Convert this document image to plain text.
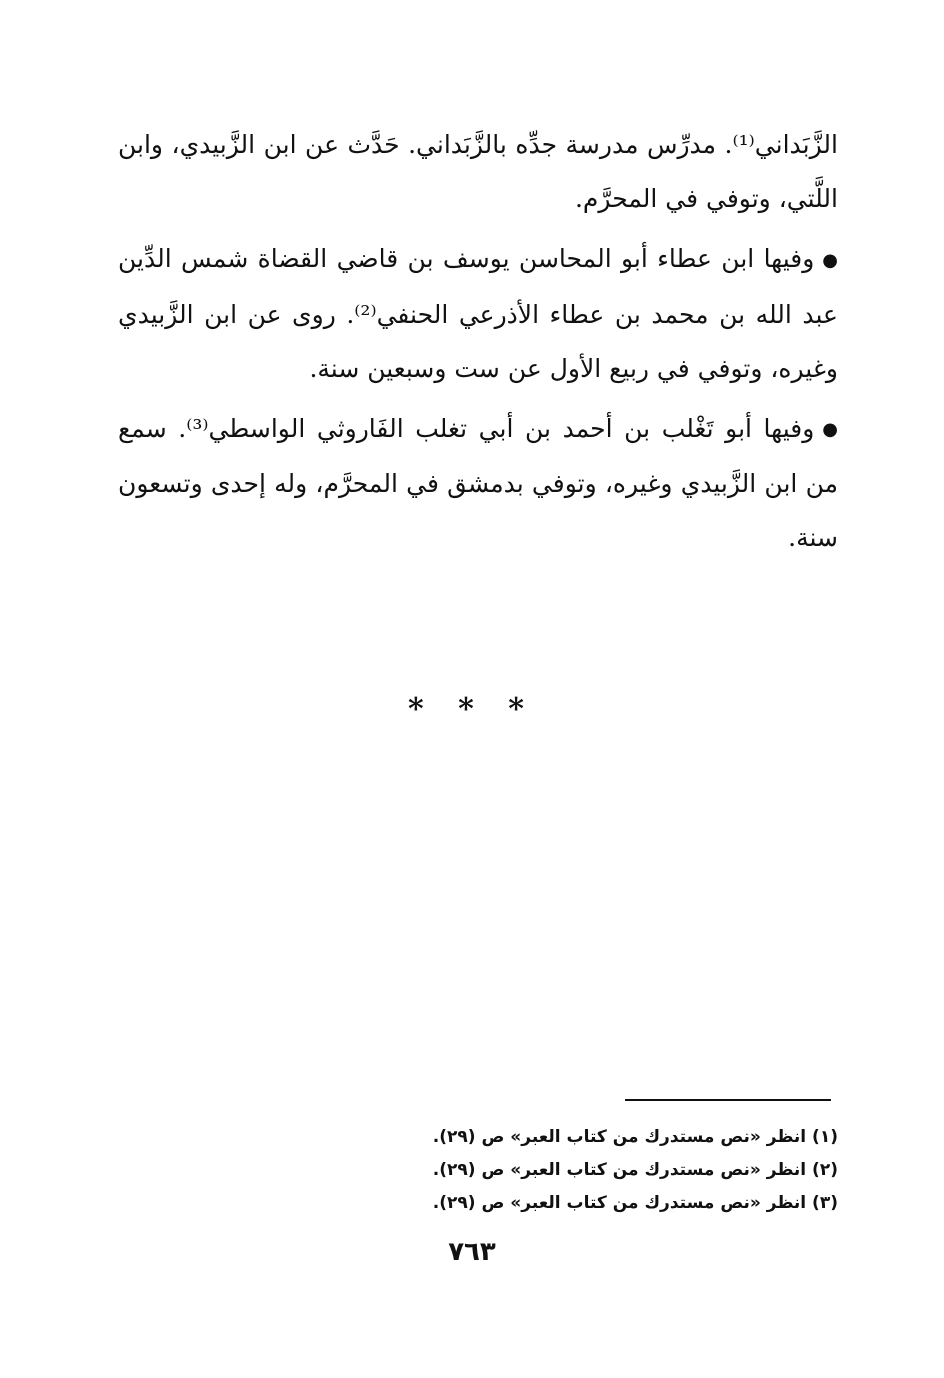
الزَّبَداني⁽¹⁾. مدرِّس مدرسة جدِّه بالزَّبَداني. حَدَّث عن ابن الزَّبيدي، وابن اللَّتي، وتوفي في المحرَّم.

●وفيها ابن عطاء أبو المحاسن يوسف بن قاضي القضاة شمس الدِّين عبد الله بن محمد بن عطاء الأذرعي الحنفي⁽²⁾. روى عن ابن الزَّبيدي وغيره، وتوفي في ربيع الأول عن ست وسبعين سنة.

●وفيها أبو تَغْلب بن أحمد بن أبي تغلب الفَاروثي الواسطي⁽³⁾. سمع من ابن الزَّبيدي وغيره، وتوفي بدمشق في المحرَّم، وله إحدى وتسعون سنة.

* * *
(١) انظر «نص مستدرك من كتاب العبر» ص (٢٩).
(٢) انظر «نص مستدرك من كتاب العبر» ص (٢٩).
(٣) انظر «نص مستدرك من كتاب العبر» ص (٢٩).
٧٦٣
